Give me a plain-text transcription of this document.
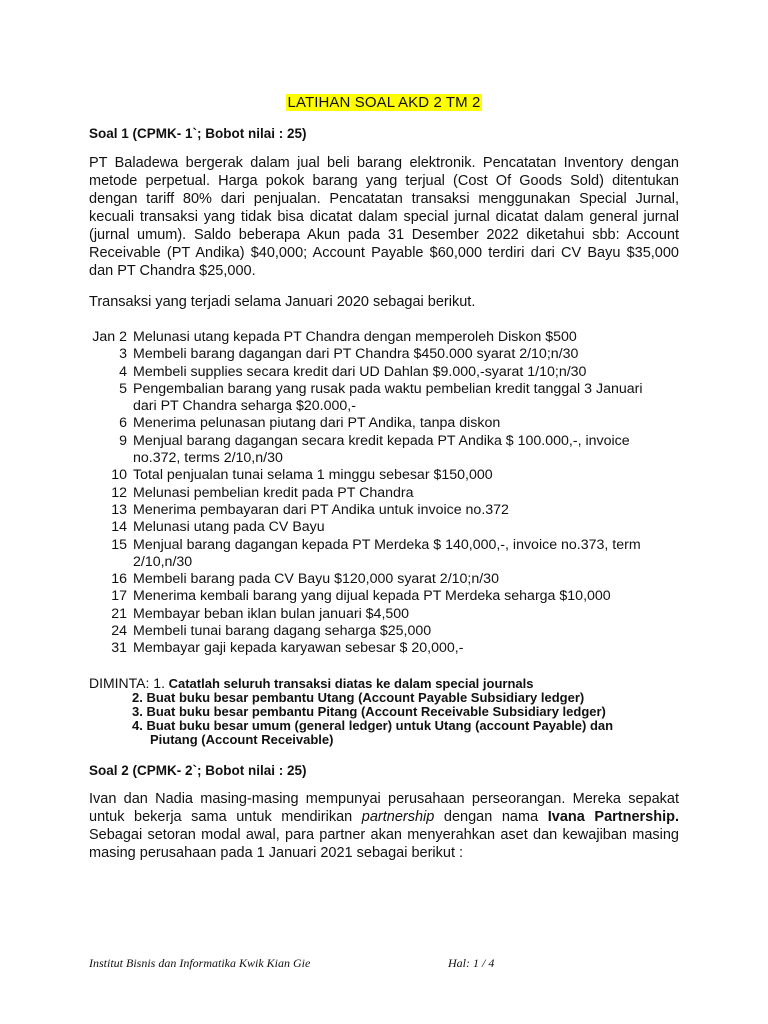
LATIHAN SOAL AKD 2 TM 2
Soal 1 (CPMK- 1`; Bobot nilai : 25)
PT Baladewa bergerak dalam jual beli barang elektronik. Pencatatan Inventory dengan metode perpetual. Harga pokok barang yang terjual (Cost Of Goods Sold) ditentukan dengan tariff 80% dari penjualan. Pencatatan transaksi menggunakan Special Jurnal, kecuali transaksi yang tidak bisa dicatat dalam special jurnal dicatat dalam general jurnal (jurnal umum). Saldo beberapa Akun pada 31 Desember 2022 diketahui sbb: Account Receivable (PT Andika) $40,000; Account Payable $60,000 terdiri dari CV Bayu $35,000 dan PT Chandra $25,000.
Transaksi yang terjadi selama Januari 2020 sebagai berikut.
Jan 2 Melunasi utang kepada PT Chandra dengan memperoleh Diskon $500
3 Membeli barang dagangan dari PT Chandra $450.000 syarat 2/10;n/30
4 Membeli supplies secara kredit dari UD Dahlan $9.000,-syarat 1/10;n/30
5 Pengembalian barang yang rusak pada waktu pembelian kredit tanggal 3 Januari
dari PT Chandra seharga $20.000,-
6 Menerima pelunasan piutang dari PT Andika, tanpa diskon
9 Menjual barang dagangan secara kredit kepada PT Andika $ 100.000,-, invoice
no.372, terms 2/10,n/30
10 Total penjualan tunai selama 1 minggu sebesar $150,000
12 Melunasi pembelian kredit pada PT Chandra
13 Menerima pembayaran dari PT Andika untuk invoice no.372
14 Melunasi utang pada CV Bayu
15 Menjual barang dagangan kepada PT Merdeka $ 140,000,-, invoice no.373, term
2/10,n/30
16 Membeli barang pada CV Bayu $120,000 syarat 2/10;n/30
17 Menerima kembali barang yang dijual kepada PT Merdeka seharga $10,000
21 Membayar beban iklan bulan januari $4,500
24 Membeli tunai barang dagang seharga $25,000
31 Membayar gaji kepada karyawan sebesar $ 20,000,-
DIMINTA: 1. Catatlah seluruh transaksi diatas ke dalam special journals
2. Buat buku besar pembantu Utang (Account Payable Subsidiary ledger)
3. Buat buku besar pembantu Pitang (Account Receivable Subsidiary ledger)
4. Buat buku besar umum (general ledger) untuk Utang (account Payable) dan
Piutang (Account Receivable)
Soal 2 (CPMK- 2`; Bobot nilai : 25)
Ivan dan Nadia masing-masing mempunyai perusahaan perseorangan. Mereka sepakat untuk bekerja sama untuk mendirikan partnership dengan nama Ivana Partnership. Sebagai setoran modal awal, para partner akan menyerahkan aset dan kewajiban masing masing perusahaan pada 1 Januari 2021 sebagai berikut :
Institut Bisnis dan Informatika Kwik Kian Gie	Hal: 1 / 4
